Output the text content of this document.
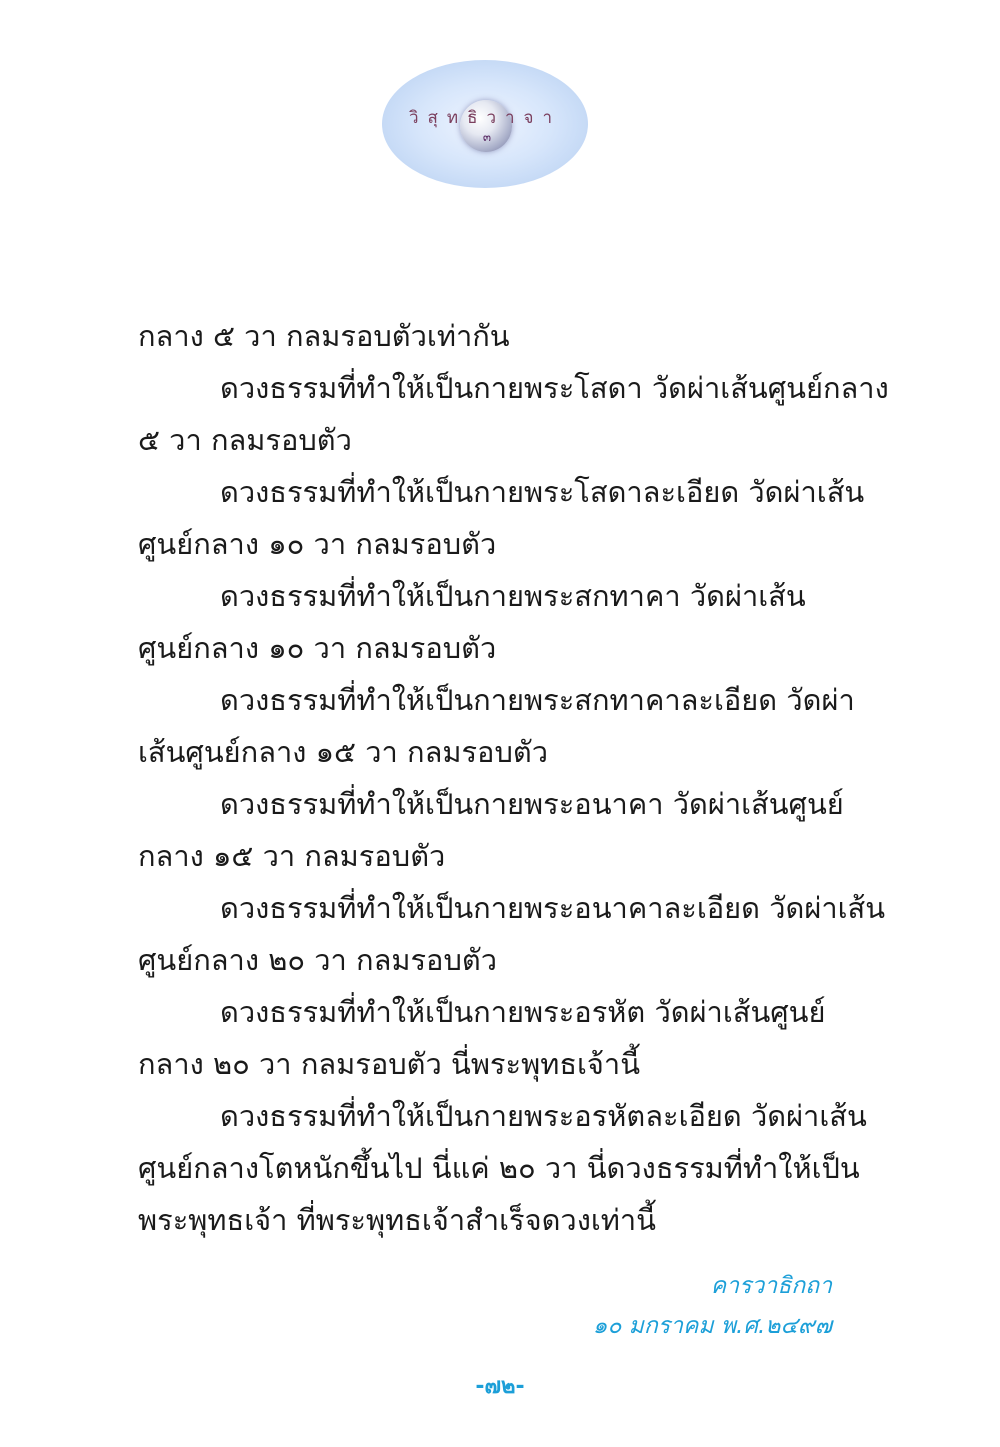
๓
วิสุทธิวาจา
กลาง ๕ วา กลมรอบตัวเท่ากัน
ดวงธรรมที่ทำให้เป็นกายพระโสดา วัดผ่าเส้นศูนย์กลาง
๕ วา กลมรอบตัว
ดวงธรรมที่ทำให้เป็นกายพระโสดาละเอียด วัดผ่าเส้น
ศูนย์กลาง ๑๐ วา กลมรอบตัว
ดวงธรรมที่ทำให้เป็นกายพระสกทาคา วัดผ่าเส้น
ศูนย์กลาง ๑๐ วา กลมรอบตัว
ดวงธรรมที่ทำให้เป็นกายพระสกทาคาละเอียด วัดผ่า
เส้นศูนย์กลาง ๑๕ วา กลมรอบตัว
ดวงธรรมที่ทำให้เป็นกายพระอนาคา วัดผ่าเส้นศูนย์
กลาง ๑๕ วา กลมรอบตัว
ดวงธรรมที่ทำให้เป็นกายพระอนาคาละเอียด วัดผ่าเส้น
ศูนย์กลาง ๒๐ วา กลมรอบตัว
ดวงธรรมที่ทำให้เป็นกายพระอรหัต วัดผ่าเส้นศูนย์
กลาง ๒๐ วา กลมรอบตัว นี่พระพุทธเจ้านี้
ดวงธรรมที่ทำให้เป็นกายพระอรหัตละเอียด วัดผ่าเส้น
ศูนย์กลางโตหนักขึ้นไป นี่แค่ ๒๐ วา นี่ดวงธรรมที่ทำให้เป็น
พระพุทธเจ้า ที่พระพุทธเจ้าสำเร็จดวงเท่านี้
คารวาธิกถา
๑๐ มกราคม พ.ศ.๒๔๙๗
-๗๒-
